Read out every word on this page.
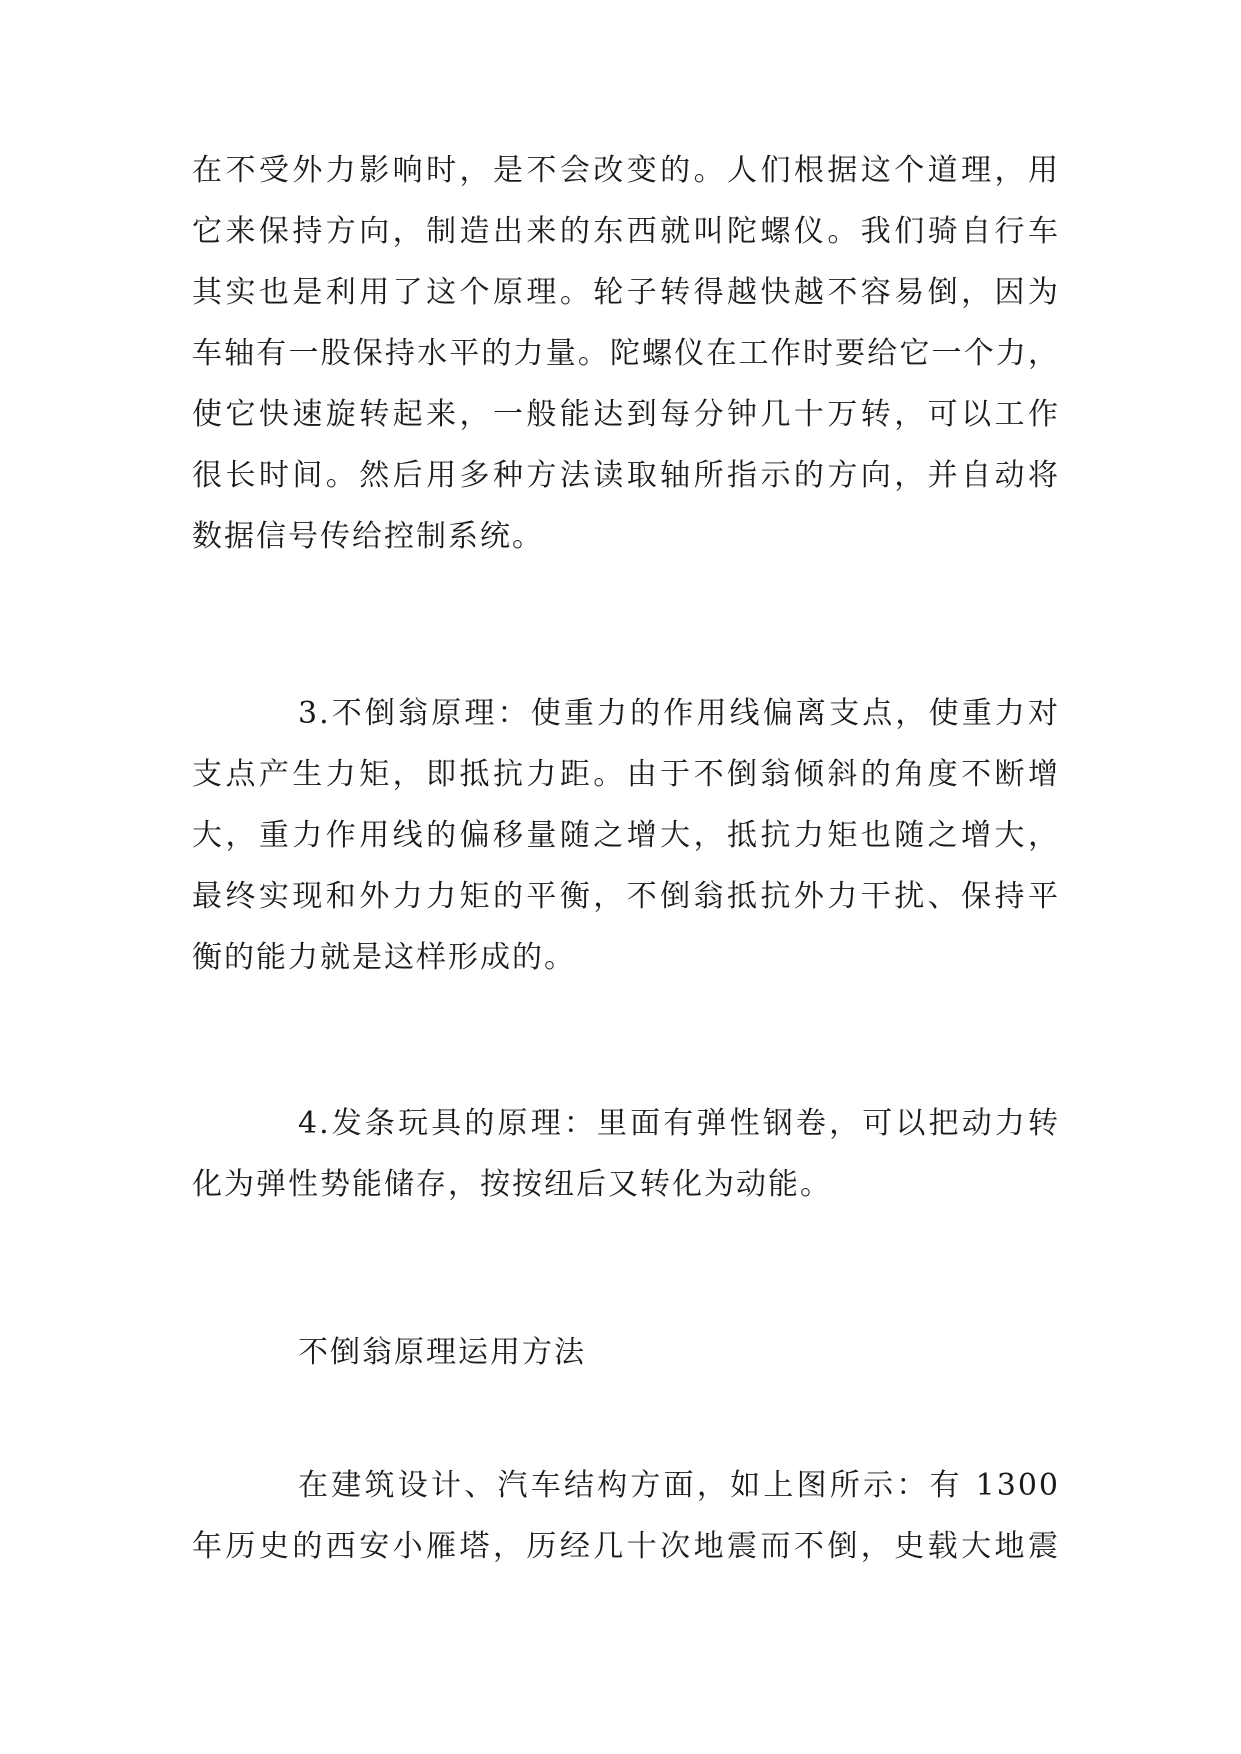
在不受外力影响时，是不会改变的。人们根据这个道理，用
它来保持方向，制造出来的东西就叫陀螺仪。我们骑自行车
其实也是利用了这个原理。轮子转得越快越不容易倒，因为
车轴有一股保持水平的力量。陀螺仪在工作时要给它一个力，
使它快速旋转起来，一般能达到每分钟几十万转，可以工作
很长时间。然后用多种方法读取轴所指示的方向，并自动将
数据信号传给控制系统。
3.不倒翁原理：使重力的作用线偏离支点，使重力对
支点产生力矩，即抵抗力距。由于不倒翁倾斜的角度不断增
大，重力作用线的偏移量随之增大，抵抗力矩也随之增大，
最终实现和外力力矩的平衡，不倒翁抵抗外力干扰、保持平
衡的能力就是这样形成的。
4.发条玩具的原理：里面有弹性钢卷，可以把动力转
化为弹性势能储存，按按纽后又转化为动能。
不倒翁原理运用方法
在建筑设计、汽车结构方面，如上图所示：有 1300
年历史的西安小雁塔，历经几十次地震而不倒，史载大地震
